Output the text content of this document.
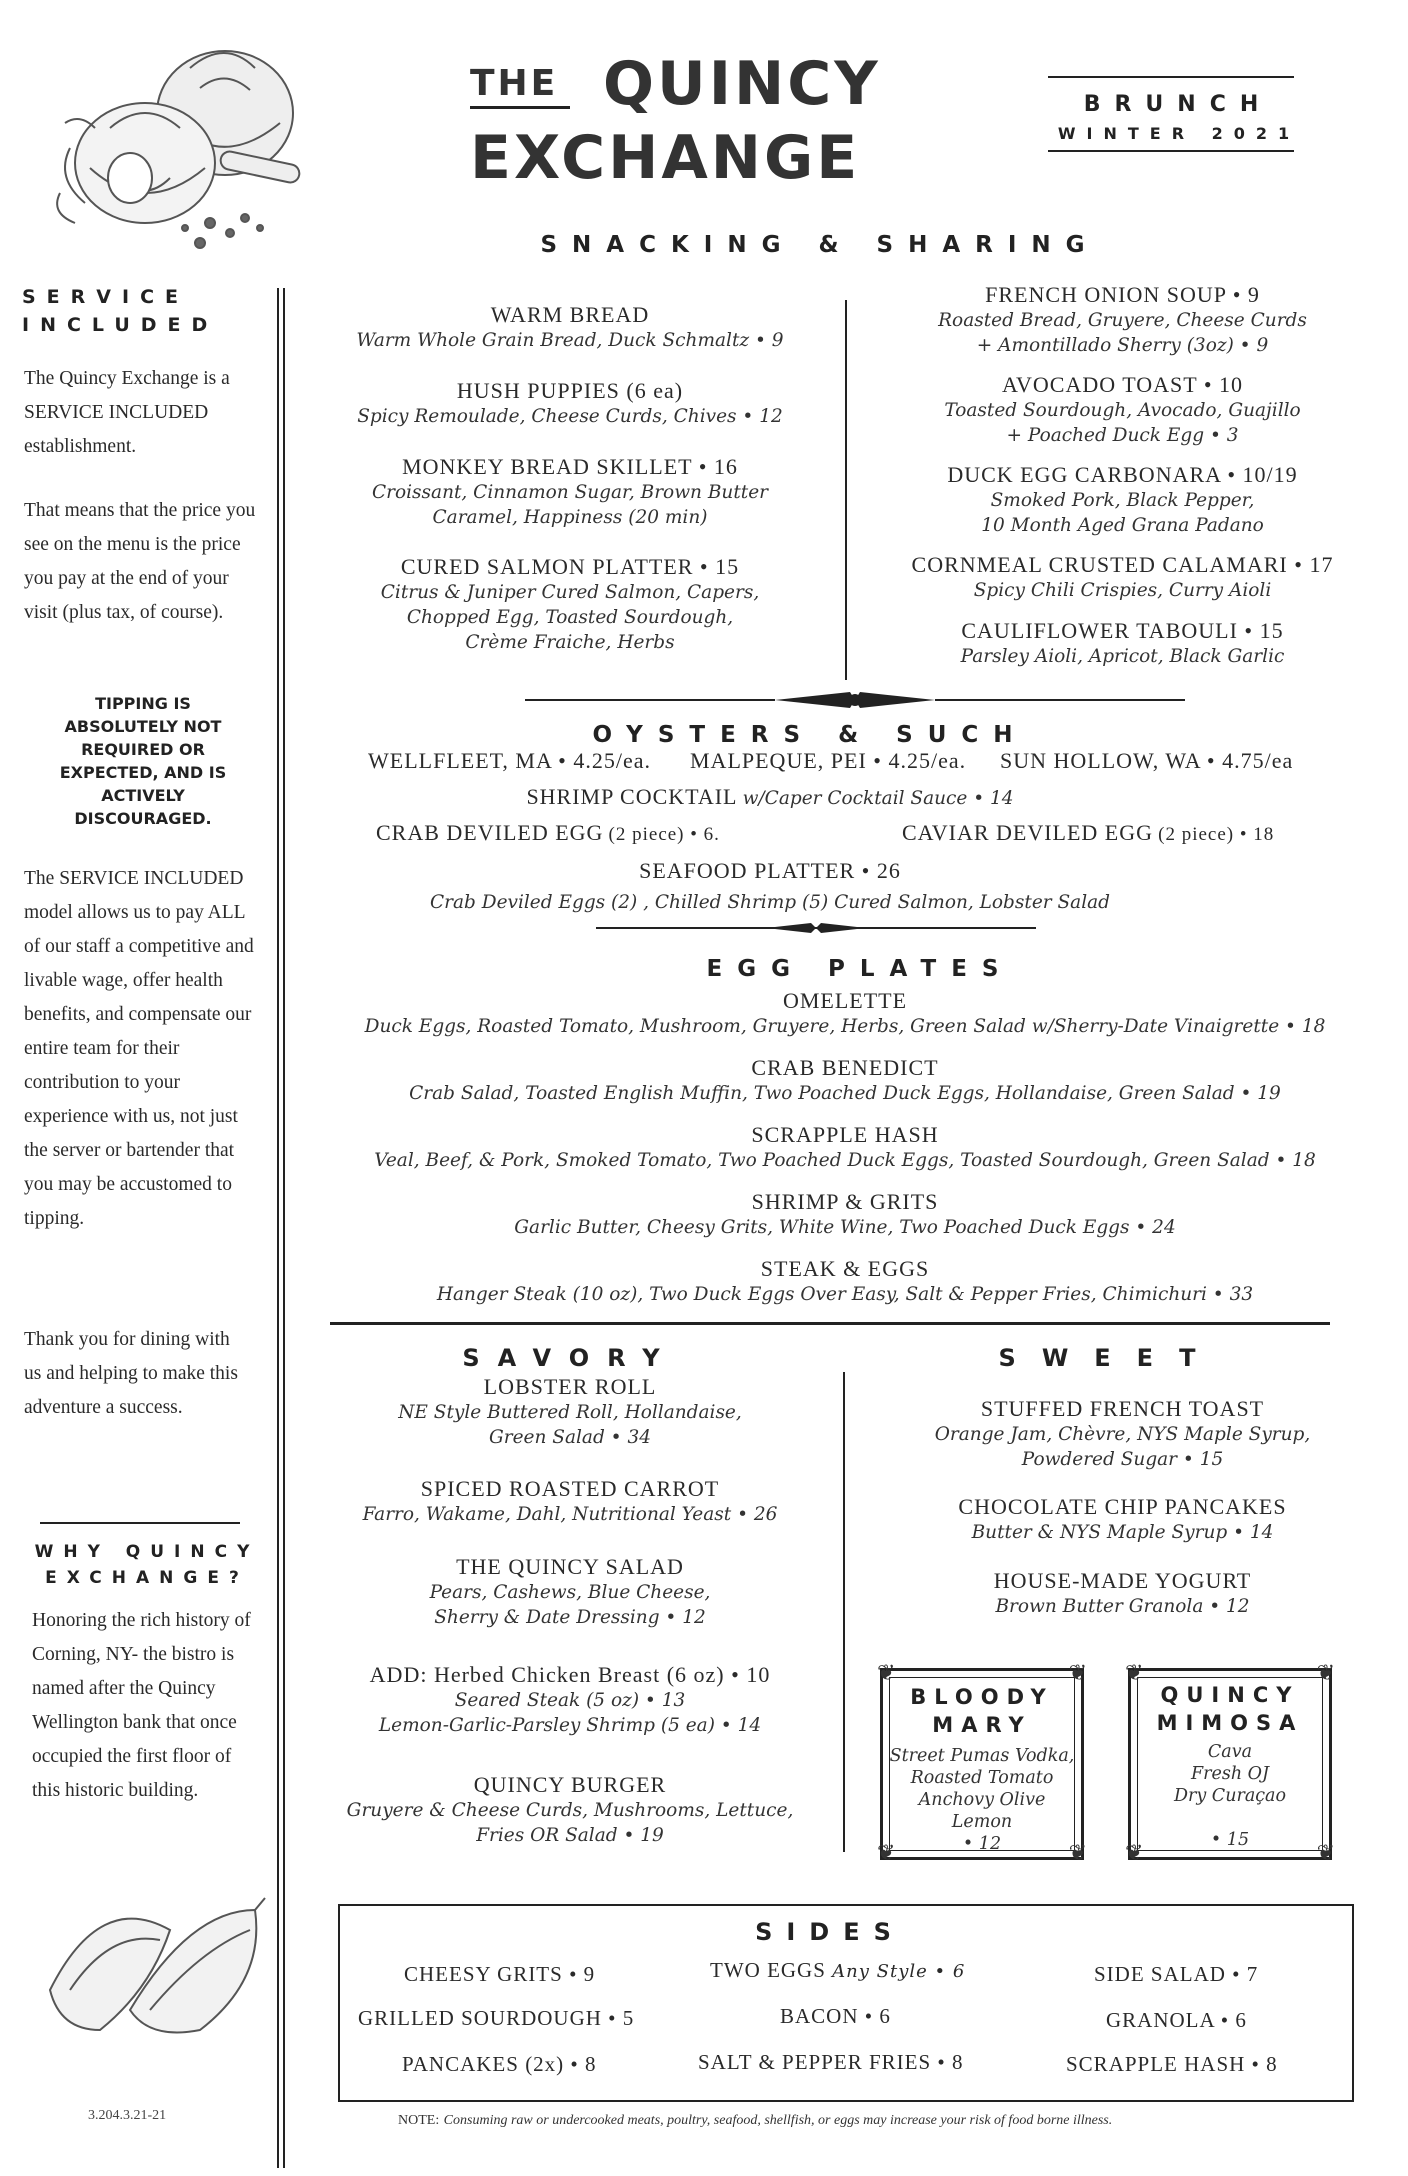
THE QUINCY
EXCHANGE
BRUNCH
WINTER 2021
SNACKING & SHARING
SERVICE
INCLUDED
The Quincy Exchange is a SERVICE INCLUDED establishment.
That means that the price you see on the menu is the price you pay at the end of your visit (plus tax, of course).
TIPPING IS ABSOLUTELY NOT REQUIRED OR EXPECTED, AND IS ACTIVELY DISCOURAGED.
The SERVICE INCLUDED model allows us to pay ALL of our staff a competitive and livable wage, offer health benefits, and compensate our entire team for their contribution to your experience with us, not just the server or bartender that you may be accustomed to tipping.
Thank you for dining with us and helping to make this adventure a success.
WHY QUINCY
EXCHANGE?
Honoring the rich history of Corning, NY- the bistro is named after the Quincy Wellington bank that once occupied the first floor of this historic building.
3.204.3.21-21
WARM BREAD
Warm Whole Grain Bread, Duck Schmaltz • 9
HUSH PUPPIES (6 ea)
Spicy Remoulade, Cheese Curds, Chives • 12
MONKEY BREAD SKILLET • 16
Croissant, Cinnamon Sugar, Brown Butter
Caramel, Happiness (20 min)
CURED SALMON PLATTER • 15
Citrus & Juniper Cured Salmon, Capers,
Chopped Egg, Toasted Sourdough,
Crème Fraiche, Herbs
FRENCH ONION SOUP • 9
Roasted Bread, Gruyere, Cheese Curds
+ Amontillado Sherry (3oz) • 9
AVOCADO TOAST • 10
Toasted Sourdough, Avocado, Guajillo
+ Poached Duck Egg • 3
DUCK EGG CARBONARA • 10/19
Smoked Pork, Black Pepper,
10 Month Aged Grana Padano
CORNMEAL CRUSTED CALAMARI • 17
Spicy Chili Crispies, Curry Aioli
CAULIFLOWER TABOULI • 15
Parsley Aioli, Apricot, Black Garlic
OYSTERS & SUCH
WELLFLEET, MA • 4.25/ea. MALPEQUE, PEI • 4.25/ea. SUN HOLLOW, WA • 4.75/ea
SHRIMP COCKTAIL w/Caper Cocktail Sauce • 14
CRAB DEVILED EGG (2 piece) • 6.	CAVIAR DEVILED EGG (2 piece) • 18
SEAFOOD PLATTER • 26
Crab Deviled Eggs (2) , Chilled Shrimp (5) Cured Salmon, Lobster Salad
EGG PLATES
OMELETTE
Duck Eggs, Roasted Tomato, Mushroom, Gruyere, Herbs, Green Salad w/Sherry-Date Vinaigrette • 18
CRAB BENEDICT
Crab Salad, Toasted English Muffin, Two Poached Duck Eggs, Hollandaise, Green Salad • 19
SCRAPPLE HASH
Veal, Beef, & Pork, Smoked Tomato, Two Poached Duck Eggs, Toasted Sourdough, Green Salad • 18
SHRIMP & GRITS
Garlic Butter, Cheesy Grits, White Wine, Two Poached Duck Eggs • 24
STEAK & EGGS
Hanger Steak (10 oz), Two Duck Eggs Over Easy, Salt & Pepper Fries, Chimichuri • 33
SAVORY
LOBSTER ROLL
NE Style Buttered Roll, Hollandaise,
Green Salad • 34
SPICED ROASTED CARROT
Farro, Wakame, Dahl, Nutritional Yeast • 26
THE QUINCY SALAD
Pears, Cashews, Blue Cheese,
Sherry & Date Dressing • 12
ADD: Herbed Chicken Breast (6 oz) • 10
Seared Steak (5 oz) • 13
Lemon-Garlic-Parsley Shrimp (5 ea) • 14
QUINCY BURGER
Gruyere & Cheese Curds, Mushrooms, Lettuce,
Fries OR Salad • 19
SWEET
STUFFED FRENCH TOAST
Orange Jam, Chèvre, NYS Maple Syrup,
Powdered Sugar • 15
CHOCOLATE CHIP PANCAKES
Butter & NYS Maple Syrup • 14
HOUSE-MADE YOGURT
Brown Butter Granola • 12
❦	❦
❦	❦
BLOODY
MARY
Street Pumas Vodka,
Roasted Tomato
Anchovy Olive
Lemon
• 12
❦	❦
❦	❦
QUINCY
MIMOSA
Cava
Fresh OJ
Dry Curaçao
• 15
SIDES
CHEESY GRITS • 9	TWO EGGS Any Style • 6	SIDE SALAD • 7
GRILLED SOURDOUGH • 5	BACON • 6	GRANOLA • 6
PANCAKES (2x) • 8	SALT & PEPPER FRIES • 8	SCRAPPLE HASH • 8
NOTE: Consuming raw or undercooked meats, poultry, seafood, shellfish, or eggs may increase your risk of food borne illness.
